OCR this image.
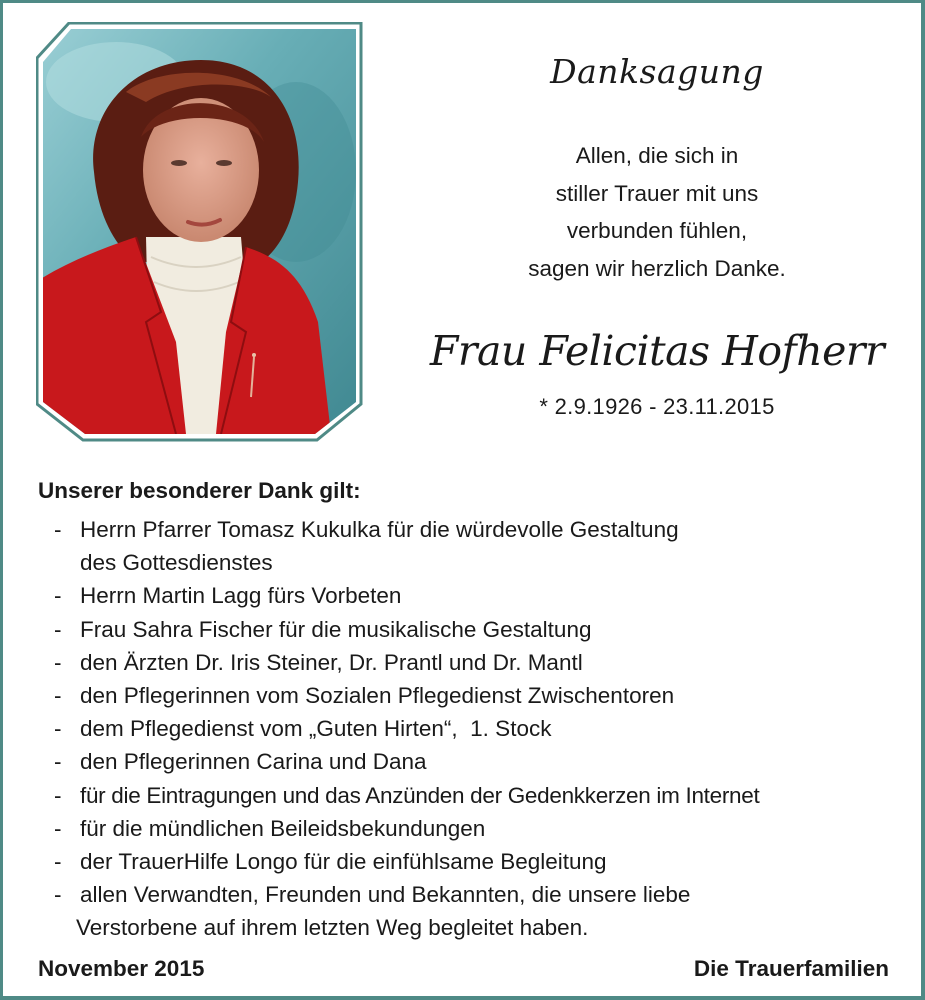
Danksagung
Allen, die sich in
stiller Trauer mit uns
verbunden fühlen,
sagen wir herzlich Danke.
Frau Felicitas Hofherr
* 2.9.1926 - 23.11.2015
Unserer besonderer Dank gilt:
- Herrn Pfarrer Tomasz Kukulka für die würdevolle Gestaltung
des Gottesdienstes
- Herrn Martin Lagg fürs Vorbeten
- Frau Sahra Fischer für die musikalische Gestaltung
- den Ärzten Dr. Iris Steiner, Dr. Prantl und Dr. Mantl
- den Pflegerinnen vom Sozialen Pflegedienst Zwischentoren
- dem Pflegedienst vom „Guten Hirten“,  1. Stock
- den Pflegerinnen Carina und Dana
- für die Eintragungen und das Anzünden der Gedenkkerzen im Internet
- für die mündlichen Beileidsbekundungen
- der TrauerHilfe Longo für die einfühlsame Begleitung
- allen Verwandten, Freunden und Bekannten, die unsere liebe
Verstorbene auf ihrem letzten Weg begleitet haben.
November 2015	Die Trauerfamilien
